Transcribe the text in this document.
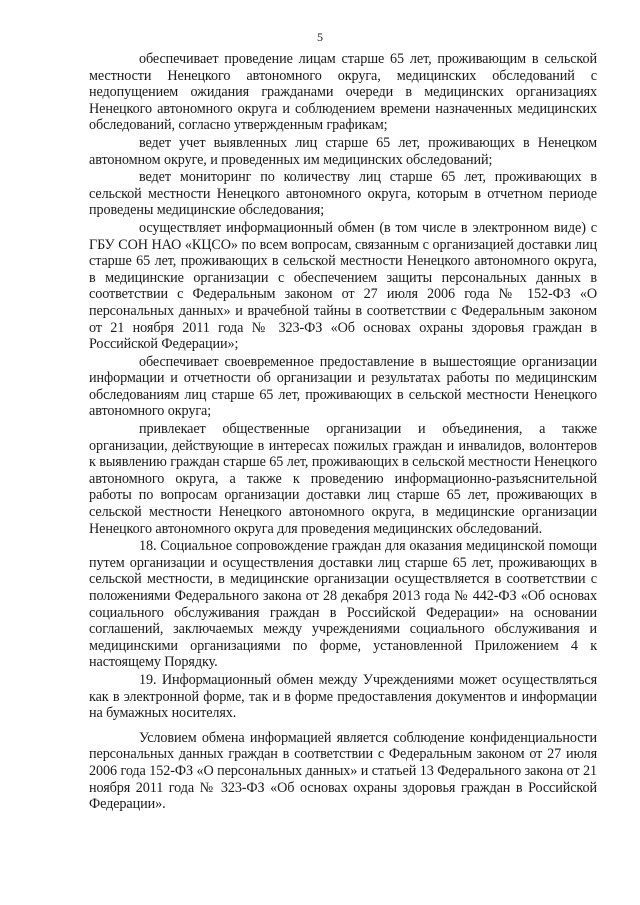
5

обеспечивает проведение лицам старше 65 лет, проживающим в сельской местности Ненецкого автономного округа, медицинских обследований с недопущением ожидания гражданами очереди в медицинских организациях Ненецкого автономного округа и соблюдением времени назначенных медицинских обследований, согласно утвержденным графикам;

ведет учет выявленных лиц старше 65 лет, проживающих в Ненецком автономном округе, и проведенных им медицинских обследований;

ведет мониторинг по количеству лиц старше 65 лет, проживающих в сельской местности Ненецкого автономного округа, которым в отчетном периоде проведены медицинские обследования;

осуществляет информационный обмен (в том числе в электронном виде) с ГБУ СОН НАО «КЦСО» по всем вопросам, связанным с организацией доставки лиц старше 65 лет, проживающих в сельской местности Ненецкого автономного округа, в медицинские организации с обеспечением защиты персональных данных в соответствии с Федеральным законом от 27 июля 2006 года № 152-ФЗ «О персональных данных» и врачебной тайны в соответствии с Федеральным законом от 21 ноября 2011 года № 323-ФЗ «Об основах охраны здоровья граждан в Российской Федерации»;

обеспечивает своевременное предоставление в вышестоящие организации информации и отчетности об организации и результатах работы по медицинским обследованиям лиц старше 65 лет, проживающих в сельской местности Ненецкого автономного округа;

привлекает общественные организации и объединения, а также организации, действующие в интересах пожилых граждан и инвалидов, волонтеров к выявлению граждан старше 65 лет, проживающих в сельской местности Ненецкого автономного округа, а также к проведению информационно-разъяснительной работы по вопросам организации доставки лиц старше 65 лет, проживающих в сельской местности Ненецкого автономного округа, в медицинские организации Ненецкого автономного округа для проведения медицинских обследований.

18. Социальное сопровождение граждан для оказания медицинской помощи путем организации и осуществления доставки лиц старше 65 лет, проживающих в сельской местности, в медицинские организации осуществляется в соответствии с положениями Федерального закона от 28 декабря 2013 года № 442-ФЗ «Об основах социального обслуживания граждан в Российской Федерации» на основании соглашений, заключаемых между учреждениями социального обслуживания и медицинскими организациями по форме, установленной Приложением 4 к настоящему Порядку.

19. Информационный обмен между Учреждениями может осуществляться как в электронной форме, так и в форме предоставления документов и информации на бумажных носителях.

Условием обмена информацией является соблюдение конфиденциальности персональных данных граждан в соответствии с Федеральным законом от 27 июля 2006 года 152-ФЗ «О персональных данных» и статьей 13 Федерального закона от 21 ноября 2011 года № 323-ФЗ «Об основах охраны здоровья граждан в Российской Федерации».
